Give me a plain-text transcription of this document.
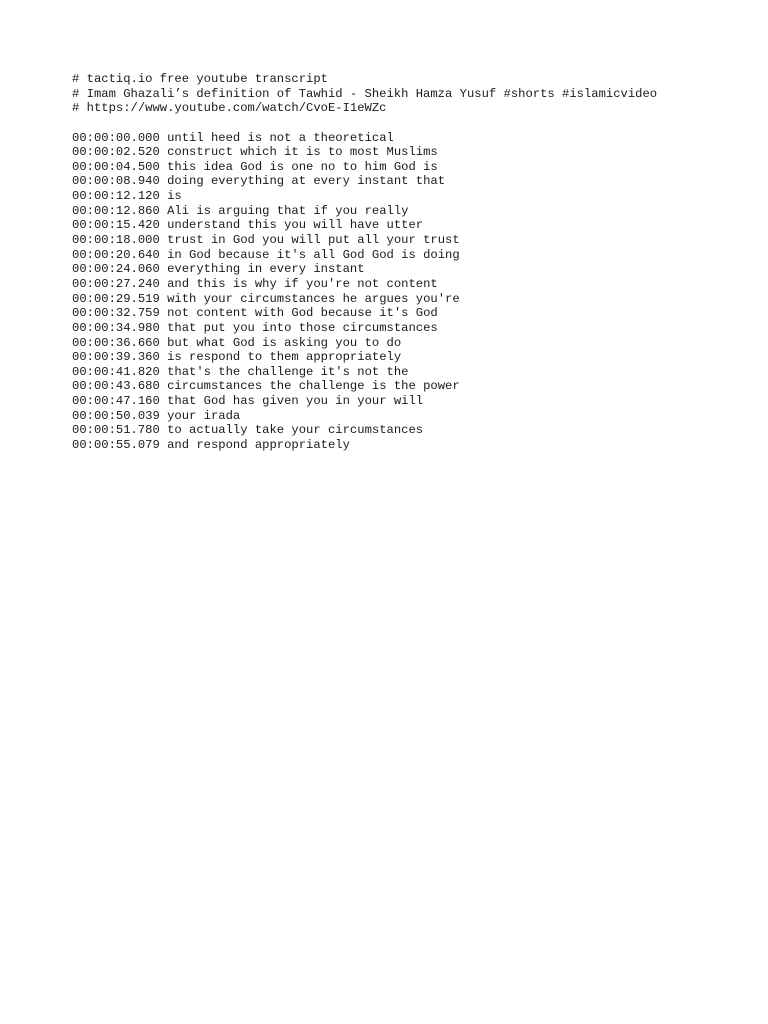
# tactiq.io free youtube transcript
# Imam Ghazali’s definition of Tawhid - Sheikh Hamza Yusuf #shorts #islamicvideo
# https://www.youtube.com/watch/CvoE-I1eWZc
00:00:00.000 until heed is not a theoretical
00:00:02.520 construct which it is to most Muslims
00:00:04.500 this idea God is one no to him God is
00:00:08.940 doing everything at every instant that
00:00:12.120 is
00:00:12.860 Ali is arguing that if you really
00:00:15.420 understand this you will have utter
00:00:18.000 trust in God you will put all your trust
00:00:20.640 in God because it's all God God is doing
00:00:24.060 everything in every instant
00:00:27.240 and this is why if you're not content
00:00:29.519 with your circumstances he argues you're
00:00:32.759 not content with God because it's God
00:00:34.980 that put you into those circumstances
00:00:36.660 but what God is asking you to do
00:00:39.360 is respond to them appropriately
00:00:41.820 that's the challenge it's not the
00:00:43.680 circumstances the challenge is the power
00:00:47.160 that God has given you in your will
00:00:50.039 your irada
00:00:51.780 to actually take your circumstances
00:00:55.079 and respond appropriately
